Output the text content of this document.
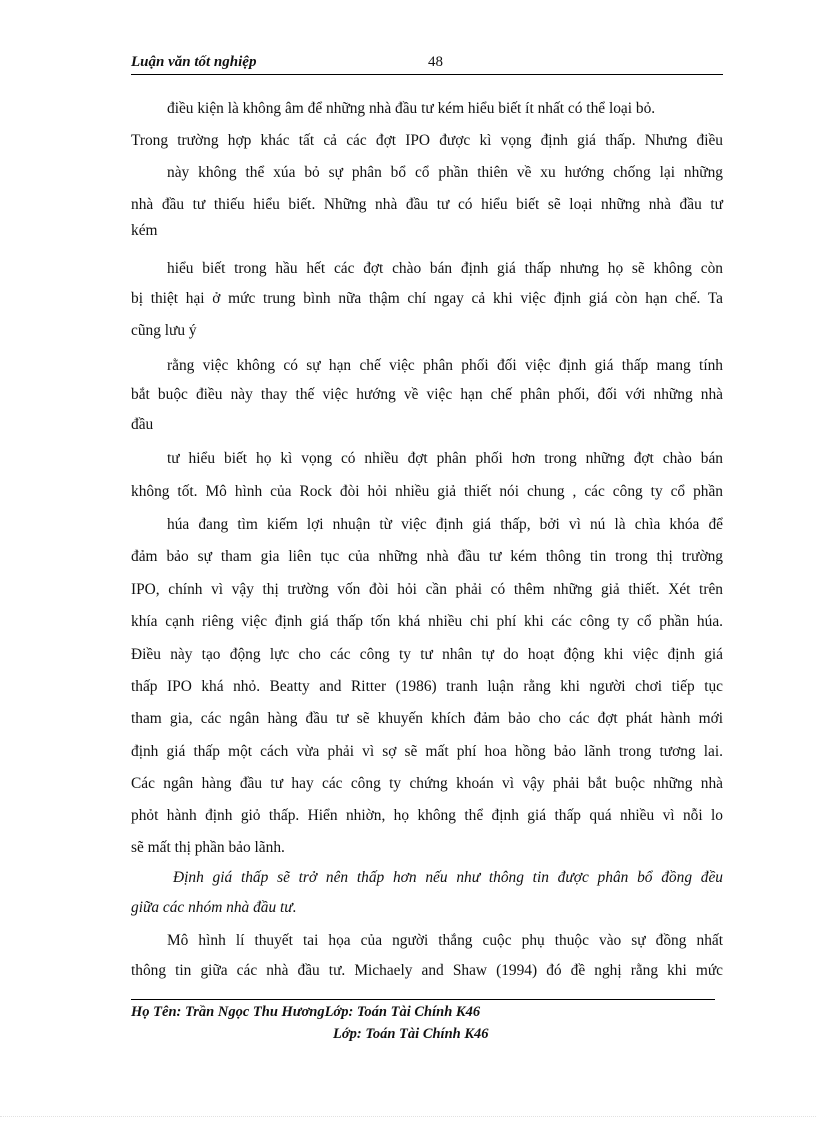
Luận văn tốt nghiệp	48
điều kiện là không âm để những nhà đầu tư kém hiểu biết ít nhất có thể loại bỏ.
Trong trường hợp khác tất cả các đợt IPO được kì vọng định giá thấp. Nhưng điều
này không thể xúa bỏ sự phân bổ cổ phần thiên về xu hướng chống lại những
nhà đầu tư thiếu hiểu biết. Những nhà đầu tư có hiểu biết sẽ loại những nhà đầu tư
kém
hiểu biết trong hầu hết các đợt chào bán định giá thấp nhưng họ sẽ không còn
bị thiệt hại ở mức trung bình nữa thậm chí ngay cả khi việc định giá còn hạn chế. Ta
cũng lưu ý
rằng việc không có sự hạn chế việc phân phối đối việc định giá thấp mang tính
bắt buộc điều này thay thế việc hướng về việc hạn chế phân phối, đối với những nhà
đầu
tư hiểu biết họ kì vọng có nhiều đợt phân phối hơn trong những đợt chào bán
không tốt. Mô hình của Rock đòi hỏi nhiều giả thiết nói chung , các công ty cổ phần
húa đang tìm kiếm lợi nhuận từ việc định giá thấp, bởi vì nú là chìa khóa để
đảm bảo sự tham gia liên tục của những nhà đầu tư kém thông tin trong thị trường
IPO, chính vì vậy thị trường vốn đòi hỏi cần phải có thêm những giả thiết. Xét trên
khía cạnh riêng việc định giá thấp tốn khá nhiều chi phí khi các công ty cổ phần húa.
Điều này tạo động lực cho các công ty tư nhân tự do hoạt động khi việc định giá
thấp IPO khá nhỏ. Beatty and Ritter (1986) tranh luận rằng khi người chơi tiếp tục
tham gia, các ngân hàng đầu tư sẽ khuyến khích đảm bảo cho các đợt phát hành mới
định giá thấp một cách vừa phải vì sợ sẽ mất phí hoa hồng bảo lãnh trong tương lai.
Các ngân hàng đầu tư hay các công ty chứng khoán vì vậy phải bắt buộc những nhà
phỏt hành định giỏ thấp. Hiển nhiờn, họ không thể định giá thấp quá nhiều vì nỗi lo
sẽ mất thị phần bảo lãnh.
Định giá thấp sẽ trở nên thấp hơn nếu như thông tin được phân bổ đồng đều
giữa các nhóm nhà đầu tư.
Mô hình lí thuyết tai họa của người thắng cuộc phụ thuộc vào sự đồng nhất
thông tin giữa các nhà đầu tư. Michaely and Shaw (1994) đó đề nghị rằng khi mức
Họ Tên: Trần Ngọc Thu HươngLớp: Toán Tài Chính K46
Lớp: Toán Tài Chính K46
